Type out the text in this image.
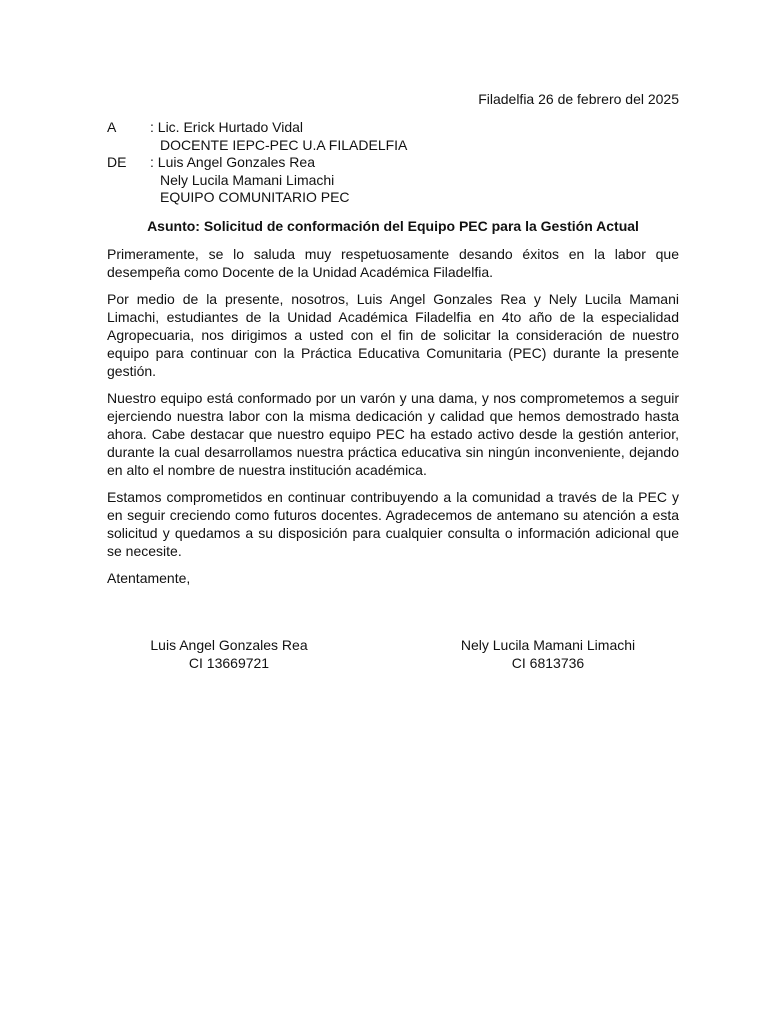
Filadelfia 26 de febrero del 2025
A	: Lic. Erick Hurtado Vidal
DOCENTE IEPC-PEC U.A FILADELFIA
DE	: Luis Angel Gonzales Rea
Nely Lucila Mamani Limachi
EQUIPO COMUNITARIO PEC
Asunto: Solicitud de conformación del Equipo PEC para la Gestión Actual

Primeramente, se lo saluda muy respetuosamente desando éxitos en la labor que desempeña como Docente de la Unidad Académica Filadelfia.

Por medio de la presente, nosotros, Luis Angel Gonzales Rea y Nely Lucila Mamani Limachi, estudiantes de la Unidad Académica Filadelfia en 4to año de la especialidad Agropecuaria, nos dirigimos a usted con el fin de solicitar la consideración de nuestro equipo para continuar con la Práctica Educativa Comunitaria (PEC) durante la presente gestión.

Nuestro equipo está conformado por un varón y una dama, y nos comprometemos a seguir ejerciendo nuestra labor con la misma dedicación y calidad que hemos demostrado hasta ahora. Cabe destacar que nuestro equipo PEC ha estado activo desde la gestión anterior, durante la cual desarrollamos nuestra práctica educativa sin ningún inconveniente, dejando en alto el nombre de nuestra institución académica.

Estamos comprometidos en continuar contribuyendo a la comunidad a través de la PEC y en seguir creciendo como futuros docentes. Agradecemos de antemano su atención a esta solicitud y quedamos a su disposición para cualquier consulta o información adicional que se necesite.

Atentamente,

Luis Angel Gonzales Rea
CI 13669721
Nely Lucila Mamani Limachi
CI 6813736
